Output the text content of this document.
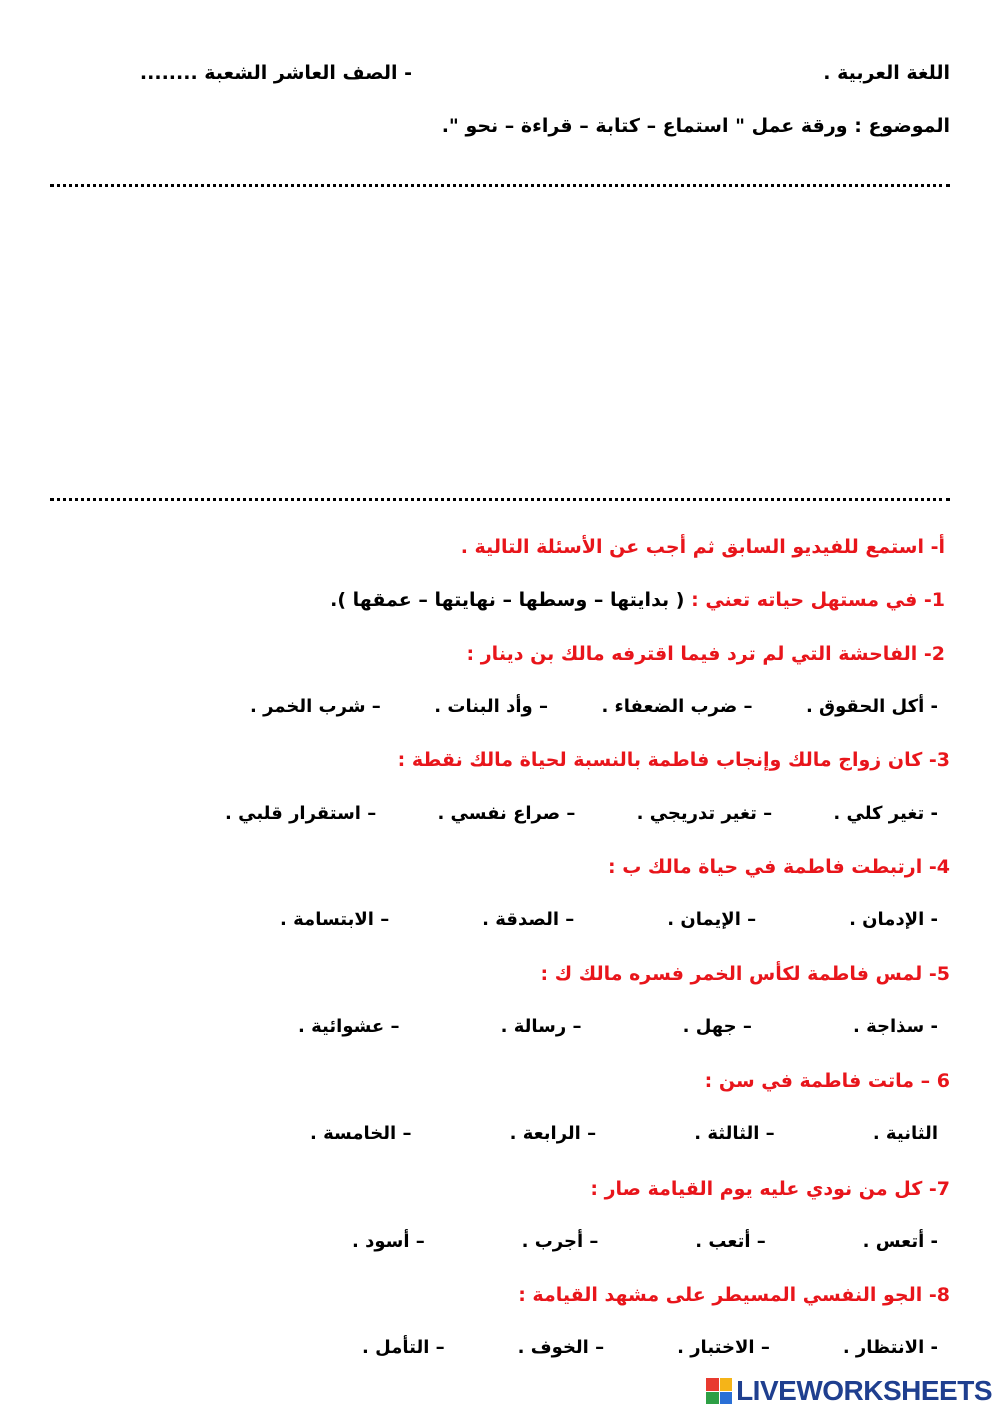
اللغة العربية .
- الصف العاشر الشعبة ........
الموضوع : ورقة عمل " استماع – كتابة – قراءة – نحو ".
أ- استمع للفيديو السابق ثم أجب عن الأسئلة التالية .
1- في مستهل حياته تعني : ( بدايتها – وسطها – نهايتها – عمقها ).
2- الفاحشة التي لم ترد فيما اقترفه مالك بن دينار :
- أكل الحقوق .
– ضرب الضعفاء .
– وأد البنات .
– شرب الخمر .
3- كان زواج مالك وإنجاب فاطمة بالنسبة لحياة مالك نقطة :
- تغير كلي .
– تغير تدريجي .
– صراع نفسي .
– استقرار قلبي .
4- ارتبطت فاطمة في حياة مالك ب :
- الإدمان .
– الإيمان .
– الصدقة .
– الابتسامة .
5- لمس فاطمة لكأس الخمر فسره مالك ك :
- سذاجة .
– جهل .
– رسالة .
– عشوائية .
6 – ماتت فاطمة في سن :
الثانية .
– الثالثة .
– الرابعة .
– الخامسة .
7- كل من نودي عليه يوم القيامة صار :
- أتعس .
– أتعب .
– أجرب .
– أسود .
8- الجو النفسي المسيطر على مشهد القيامة :
- الانتظار .
– الاختبار .
– الخوف .
– التأمل .
LIVEWORKSHEETS
